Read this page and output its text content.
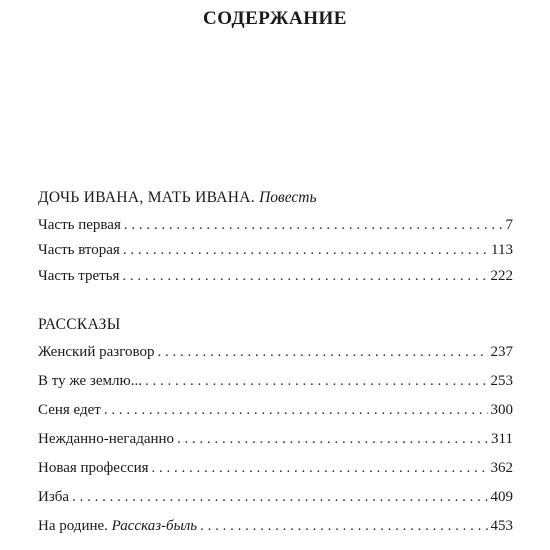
СОДЕРЖАНИЕ
ДОЧЬ ИВАНА, МАТЬ ИВАНА. Повесть
Часть первая . . .	7
Часть вторая . . .	113
Часть третья . . .	222
РАССКАЗЫ
Женский разговор . . .	237
В ту же землю... . . .	253
Сеня едет . . .	300
Нежданно-негаданно . . .	311
Новая профессия . . .	362
Изба . . .	409
На родине. Рассказ-быль . . .	453
